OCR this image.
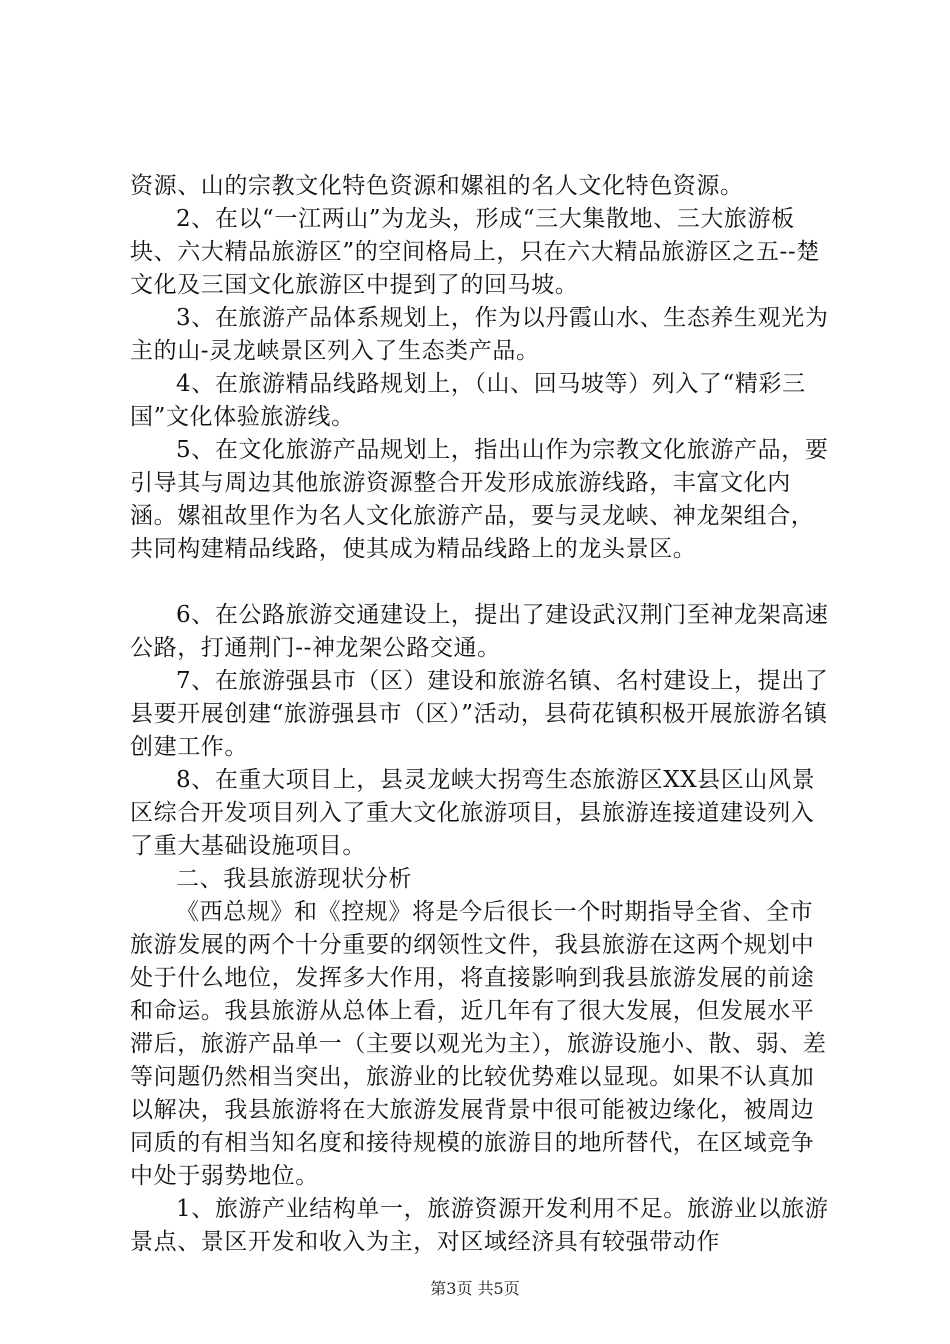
资源、山的宗教文化特色资源和嫘祖的名人文化特色资源。

2、在以“一江两山”为龙头，形成“三大集散地、三大旅游板块、六大精品旅游区”的空间格局上，只在六大精品旅游区之五--楚文化及三国文化旅游区中提到了的回马坡。

3、在旅游产品体系规划上，作为以丹霞山水、生态养生观光为主的山-灵龙峡景区列入了生态类产品。

4、在旅游精品线路规划上，（山、回马坡等）列入了“精彩三国”文化体验旅游线。

5、在文化旅游产品规划上，指出山作为宗教文化旅游产品，要引导其与周边其他旅游资源整合开发形成旅游线路，丰富文化内涵。嫘祖故里作为名人文化旅游产品，要与灵龙峡、神龙架组合，共同构建精品线路，使其成为精品线路上的龙头景区。

6、在公路旅游交通建设上，提出了建设武汉荆门至神龙架高速公路，打通荆门--神龙架公路交通。

7、在旅游强县市（区）建设和旅游名镇、名村建设上，提出了县要开展创建“旅游强县市（区）”活动，县荷花镇积极开展旅游名镇创建工作。

8、在重大项目上，县灵龙峡大拐弯生态旅游区XX县区山风景区综合开发项目列入了重大文化旅游项目，县旅游连接道建设列入了重大基础设施项目。

二、我县旅游现状分析

《西总规》和《控规》将是今后很长一个时期指导全省、全市旅游发展的两个十分重要的纲领性文件，我县旅游在这两个规划中处于什么地位，发挥多大作用，将直接影响到我县旅游发展的前途和命运。我县旅游从总体上看，近几年有了很大发展，但发展水平滞后，旅游产品单一（主要以观光为主），旅游设施小、散、弱、差等问题仍然相当突出，旅游业的比较优势难以显现。如果不认真加以解决，我县旅游将在大旅游发展背景中很可能被边缘化，被周边同质的有相当知名度和接待规模的旅游目的地所替代，在区域竞争中处于弱势地位。

1、旅游产业结构单一，旅游资源开发利用不足。旅游业以旅游景点、景区开发和收入为主，对区域经济具有较强带动作

第3页 共5页
